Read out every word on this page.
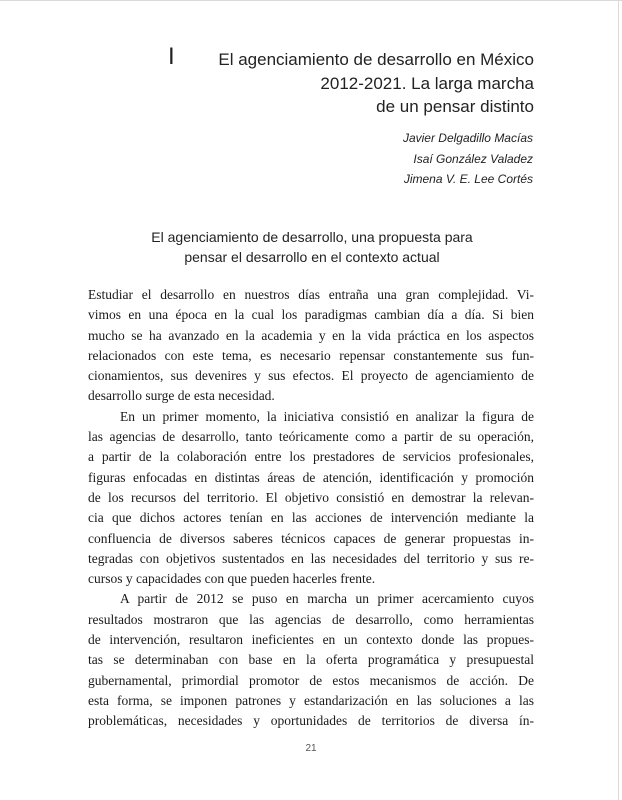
I	El agenciamiento de desarrollo en México
2012-2021. La larga marcha
de un pensar distinto
Javier Delgadillo Macías
Isaí González Valadez
Jimena V. E. Lee Cortés
El agenciamiento de desarrollo, una propuesta para
pensar el desarrollo en el contexto actual
Estudiar el desarrollo en nuestros días entraña una gran complejidad. Vi-
vimos en una época en la cual los paradigmas cambian día a día. Si bien
mucho se ha avanzado en la academia y en la vida práctica en los aspectos
relacionados con este tema, es necesario repensar constantemente sus fun-
cionamientos, sus devenires y sus efectos. El proyecto de agenciamiento de
desarrollo surge de esta necesidad.
En un primer momento, la iniciativa consistió en analizar la figura de
las agencias de desarrollo, tanto teóricamente como a partir de su operación,
a partir de la colaboración entre los prestadores de servicios profesionales,
figuras enfocadas en distintas áreas de atención, identificación y promoción
de los recursos del territorio. El objetivo consistió en demostrar la relevan-
cia que dichos actores tenían en las acciones de intervención mediante la
confluencia de diversos saberes técnicos capaces de generar propuestas in-
tegradas con objetivos sustentados en las necesidades del territorio y sus re-
cursos y capacidades con que pueden hacerles frente.
A partir de 2012 se puso en marcha un primer acercamiento cuyos
resultados mostraron que las agencias de desarrollo, como herramientas
de intervención, resultaron ineficientes en un contexto donde las propues-
tas se determinaban con base en la oferta programática y presupuestal
gubernamental, primordial promotor de estos mecanismos de acción. De
esta forma, se imponen patrones y estandarización en las soluciones a las
problemáticas, necesidades y oportunidades de territorios de diversa ín-
21
